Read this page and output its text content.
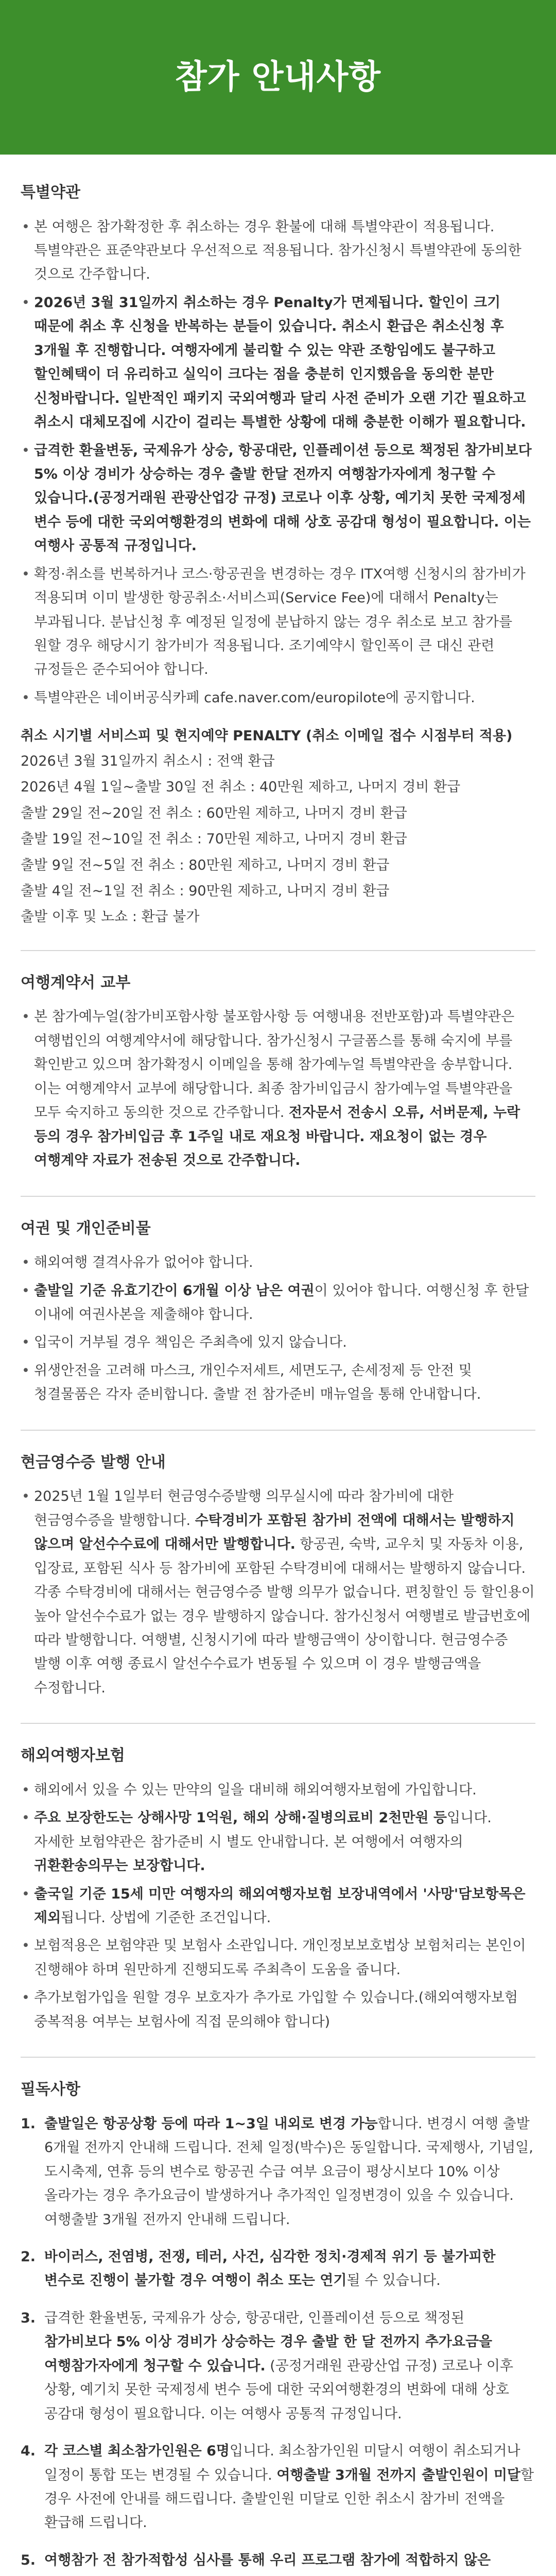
참가 안내사항
특별약관
• 본 여행은 참가확정한 후 취소하는 경우 환불에 대해 특별약관이 적용됩니다. 특별약관은 표준약관보다 우선적으로 적용됩니다. 참가신청시 특별약관에 동의한 것으로 간주합니다.
• 2026년 3월 31일까지 취소하는 경우 Penalty가 면제됩니다. 할인이 크기 때문에 취소 후 신청을 반복하는 분들이 있습니다. 취소시 환급은 취소신청 후 3개월 후 진행합니다. 여행자에게 불리할 수 있는 약관 조항임에도 불구하고 할인혜택이 더 유리하고 실익이 크다는 점을 충분히 인지했음을 동의한 분만 신청바랍니다. 일반적인 패키지 국외여행과 달리 사전 준비가 오랜 기간 필요하고 취소시 대체모집에 시간이 걸리는 특별한 상황에 대해 충분한 이해가 필요합니다.
• 급격한 환율변동, 국제유가 상승, 항공대란, 인플레이션 등으로 책정된 참가비보다 5% 이상 경비가 상승하는 경우 출발 한달 전까지 여행참가자에게 청구할 수 있습니다.(공정거래원 관광산업강 규정) 코로나 이후 상황, 예기치 못한 국제정세 변수 등에 대한 국외여행환경의 변화에 대해 상호 공감대 형성이 필요합니다. 이는 여행사 공통적 규정입니다.
• 확정·취소를 번복하거나 코스·항공권을 변경하는 경우 ITX여행 신청시의 참가비가 적용되며 이미 발생한 항공취소·서비스피(Service Fee)에 대해서 Penalty는 부과됩니다. 분납신청 후 예정된 일정에 분납하지 않는 경우 취소로 보고 참가를 원할 경우 해당시기 참가비가 적용됩니다. 조기예약시 할인폭이 큰 대신 관련 규정들은 준수되어야 합니다.
• 특별약관은 네이버공식카페 cafe.naver.com/europilote에 공지합니다.
취소 시기별 서비스피 및 현지예약 PENALTY (취소 이메일 접수 시점부터 적용)
2026년 3월 31일까지 취소시 : 전액 환급
2026년 4월 1일~출발 30일 전 취소 : 40만원 제하고, 나머지 경비 환급
출발 29일 전~20일 전 취소 : 60만원 제하고, 나머지 경비 환급
출발 19일 전~10일 전 취소 : 70만원 제하고, 나머지 경비 환급
출발 9일 전~5일 전 취소 : 80만원 제하고, 나머지 경비 환급
출발 4일 전~1일 전 취소 : 90만원 제하고, 나머지 경비 환급
출발 이후 및 노쇼 : 환급 불가
여행계약서 교부
• 본 참가예누얼(참가비포함사항 불포함사항 등 여행내용 전반포함)과 특별약관은 여행법인의 여행계약서에 해당합니다. 참가신청시 구글폼스를 통해 숙지에 부를 확인받고 있으며 참가확정시 이메일을 통해 참가예누얼 특별약관을 송부합니다. 이는 여행계약서 교부에 해당합니다. 최종 참가비입금시 참가예누얼 특별약관을 모두 숙지하고 동의한 것으로 간주합니다. 전자문서 전송시 오류, 서버문제, 누락 등의 경우 참가비입금 후 1주일 내로 재요청 바랍니다. 재요청이 없는 경우 여행계약 자료가 전송된 것으로 간주합니다.
여권 및 개인준비물
• 해외여행 결격사유가 없어야 합니다.
• 출발일 기준 유효기간이 6개월 이상 남은 여권이 있어야 합니다. 여행신청 후 한달 이내에 여권사본을 제출해야 합니다.
• 입국이 거부될 경우 책임은 주최측에 있지 않습니다.
• 위생안전을 고려해 마스크, 개인수저세트, 세면도구, 손세정제 등 안전 및 청결물품은 각자 준비합니다. 출발 전 참가준비 매뉴얼을 통해 안내합니다.
현금영수증 발행 안내
• 2025년 1월 1일부터 현금영수증발행 의무실시에 따라 참가비에 대한 현금영수증을 발행합니다. 수탁경비가 포함된 참가비 전액에 대해서는 발행하지 않으며 알선수수료에 대해서만 발행합니다. 항공권, 숙박, 교우치 및 자동차 이용, 입장료, 포함된 식사 등 참가비에 포함된 수탁경비에 대해서는 발행하지 않습니다. 각종 수탁경비에 대해서는 현금영수증 발행 의무가 없습니다. 편칭할인 등 할인용이 높아 알선수수료가 없는 경우 발행하지 않습니다. 참가신청서 여행별로 발급번호에 따라 발행합니다. 여행별, 신청시기에 따라 발행금액이 상이합니다. 현금영수증 발행 이후 여행 종료시 알선수수료가 변동될 수 있으며 이 경우 발행금액을 수정합니다.
해외여행자보험
• 해외에서 있을 수 있는 만약의 일을 대비해 해외여행자보험에 가입합니다.
• 주요 보장한도는 상해사망 1억원, 해외 상해·질병의료비 2천만원 등입니다. 자세한 보험약관은 참가준비 시 별도 안내합니다. 본 여행에서 여행자의 귀환환송의무는 보장합니다.
• 출국일 기준 15세 미만 여행자의 해외여행자보험 보장내역에서 '사망'담보항목은 제외됩니다. 상법에 기준한 조건입니다.
• 보험적용은 보험약관 및 보험사 소관입니다. 개인정보보호법상 보험처리는 본인이 진행해야 하며 원만하게 진행되도록 주최측이 도움을 줍니다.
• 추가보험가입을 원할 경우 보호자가 추가로 가입할 수 있습니다.(해외여행자보험 중복적용 여부는 보험사에 직접 문의해야 합니다)
필독사항
1. 출발일은 항공상황 등에 따라 1~3일 내외로 변경 가능합니다. 변경시 여행 출발 6개월 전까지 안내해 드립니다. 전체 일정(박수)은 동일합니다. 국제행사, 기념일, 도시축제, 연휴 등의 변수로 항공권 수급 여부 요금이 평상시보다 10% 이상 올라가는 경우 추가요금이 발생하거나 추가적인 일정변경이 있을 수 있습니다. 여행출발 3개월 전까지 안내해 드립니다.
2. 바이러스, 전염병, 전쟁, 테러, 사건, 심각한 정치·경제적 위기 등 불가피한 변수로 진행이 불가할 경우 여행이 취소 또는 연기될 수 있습니다.
3. 급격한 환율변동, 국제유가 상승, 항공대란, 인플레이션 등으로 책정된 참가비보다 5% 이상 경비가 상승하는 경우 출발 한 달 전까지 추가요금을 여행참가자에게 청구할 수 있습니다. (공정거래원 관광산업 규정) 코로나 이후 상황, 예기치 못한 국제정세 변수 등에 대한 국외여행환경의 변화에 대해 상호 공감대 형성이 필요합니다. 이는 여행사 공통적 규정입니다.
4. 각 코스별 최소참가인원은 6명입니다. 최소참가인원 미달시 여행이 취소되거나 일정이 통합 또는 변경될 수 있습니다. 여행출발 3개월 전까지 출발인원이 미달할 경우 사전에 안내를 해드립니다. 출발인원 미달로 인한 취소시 참가비 전액을 환급해 드립니다.
5. 여행참가 전 참가적합성 심사를 통해 우리 프로그램 참가에 적합하지 않은
